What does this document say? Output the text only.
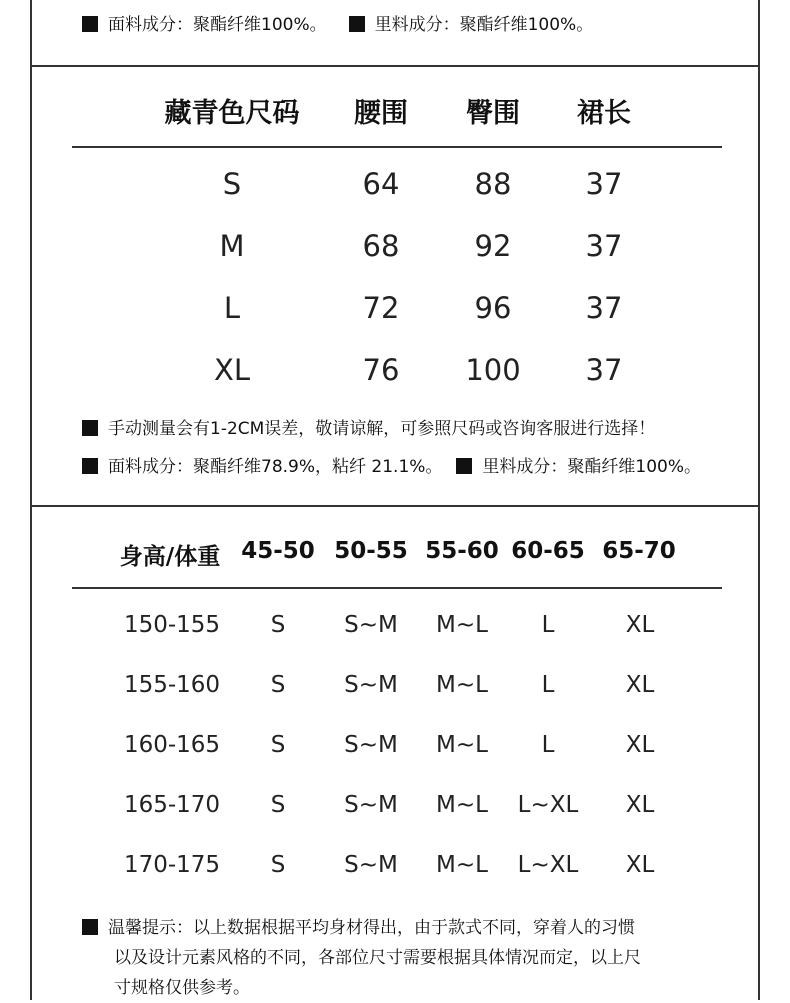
面料成分：聚酯纤维100%。	里料成分：聚酯纤维100%。
藏青色尺码 腰围 臀围 裙长
S	64	88	37
M	68	92	37
L	72	96	37
XL	76 100 37
手动测量会有1-2CM误差，敬请谅解，可参照尺码或咨询客服进行选择！
面料成分：聚酯纤维78.9%，粘纤 21.1%。 里料成分：聚酯纤维100%。
身高/体重 45-50 50-55 55-60 60-65 65-70
150-155 S	S~M M~L L	XL
155-160 S	S~M M~L L	XL
160-165 S	S~M M~L L	XL
165-170 S	S~M M~L L~XL XL
170-175 S	S~M M~L L~XL XL
温馨提示：以上数据根据平均身材得出，由于款式不同，穿着人的习惯
以及设计元素风格的不同，各部位尺寸需要根据具体情况而定，以上尺
寸规格仅供参考。
